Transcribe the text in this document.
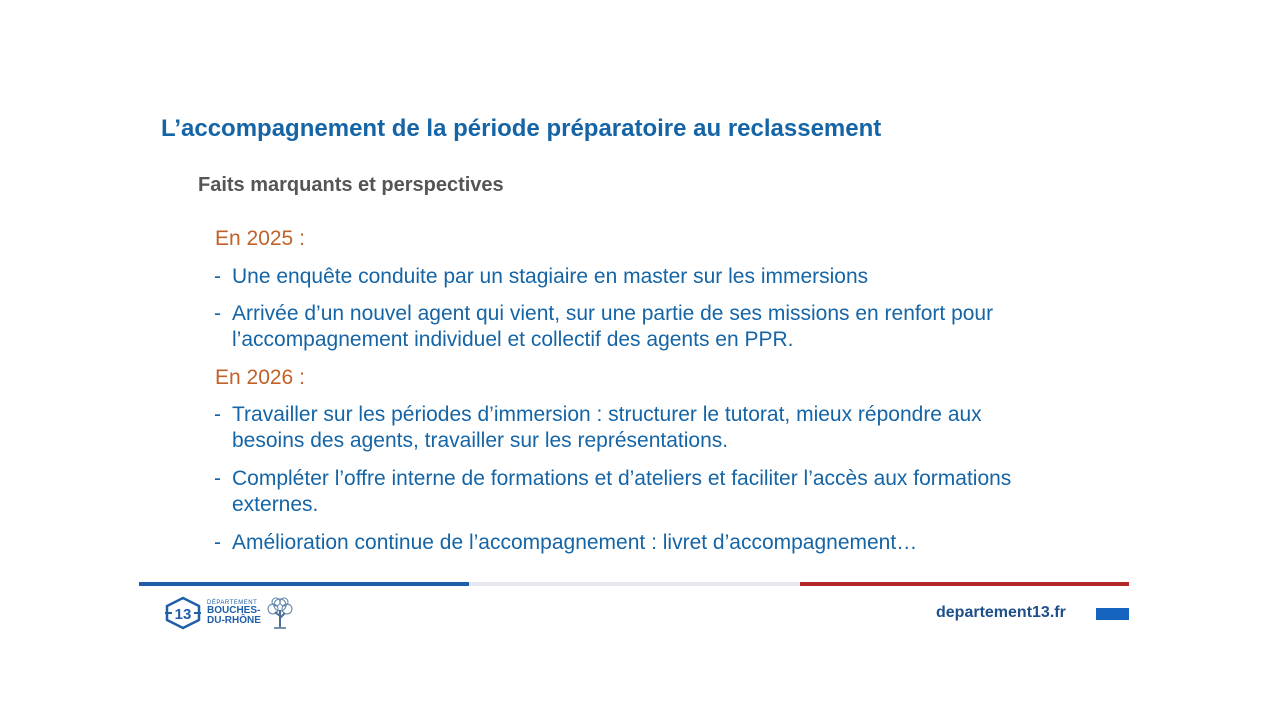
L’accompagnement de la période préparatoire au reclassement
Faits marquants et perspectives

En 2025 :

- Une enquête conduite par un stagiaire en master sur les immersions
- Arrivée d’un nouvel agent qui vient, sur une partie de ses missions en renfort pour l’accompagnement individuel et collectif des agents en PPR.

En 2026 :

- Travailler sur les périodes d’immersion : structurer le tutorat, mieux répondre aux besoins des agents, travailler sur les représentations.
- Compléter l’offre interne de formations et d’ateliers et faciliter l’accès aux formations externes.
- Amélioration continue de l’accompagnement : livret d’accompagnement…
13
DÉPARTEMENT
BOUCHES-
DU-RHÔNE	departement13.fr
